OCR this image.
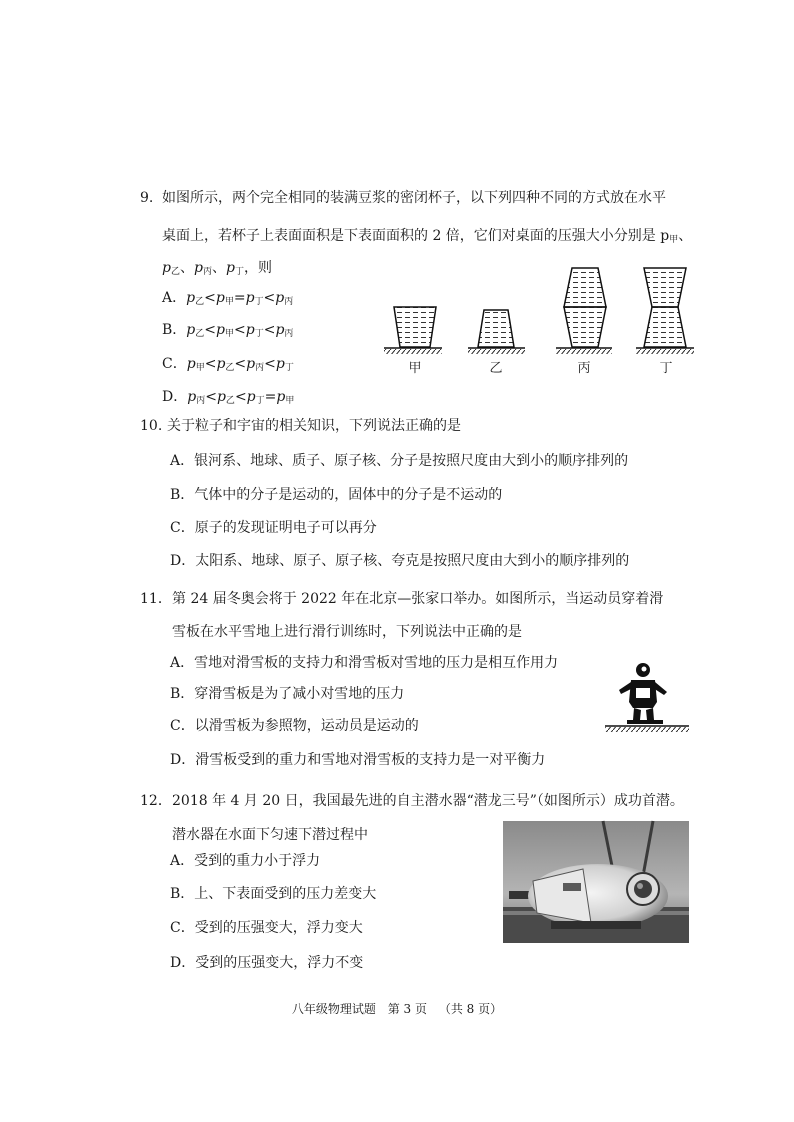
9. 如图所示，两个完全相同的装满豆浆的密闭杯子，以下列四种不同的方式放在水平
桌面上，若杯子上表面面积是下表面面积的 2 倍，它们对桌面的压强大小分别是 $p_甲$、
$p_乙$、$p_丙$、$p_丁$，则
A．$p_乙<p_甲=p_丁<p_丙$
B．$p_乙<p_甲<p_丁<p_丙$
C．$p_甲<p_乙<p_丙<p_丁$
D．$p_丙<p_乙<p_丁=p_甲$
甲	乙	丙	丁
10. 关于粒子和宇宙的相关知识，下列说法正确的是
A．银河系、地球、质子、原子核、分子是按照尺度由大到小的顺序排列的
B．气体中的分子是运动的，固体中的分子是不运动的
C．原子的发现证明电子可以再分
D．太阳系、地球、原子、原子核、夸克是按照尺度由大到小的顺序排列的
11． 第 24 届冬奥会将于 2022 年在北京—张家口举办。如图所示，当运动员穿着滑
雪板在水平雪地上进行滑行训练时，下列说法中正确的是
A．雪地对滑雪板的支持力和滑雪板对雪地的压力是相互作用力
B．穿滑雪板是为了减小对雪地的压力
C．以滑雪板为参照物，运动员是运动的
D．滑雪板受到的重力和雪地对滑雪板的支持力是一对平衡力
12． 2018 年 4 月 20 日，我国最先进的自主潜水器“潜龙三号”（如图所示）成功首潜。
潜水器在水面下匀速下潜过程中
A．受到的重力小于浮力
B．上、下表面受到的压力差变大
C．受到的压强变大，浮力变大
D．受到的压强变大，浮力不变
八年级物理试题 第 3 页 （共 8 页）
